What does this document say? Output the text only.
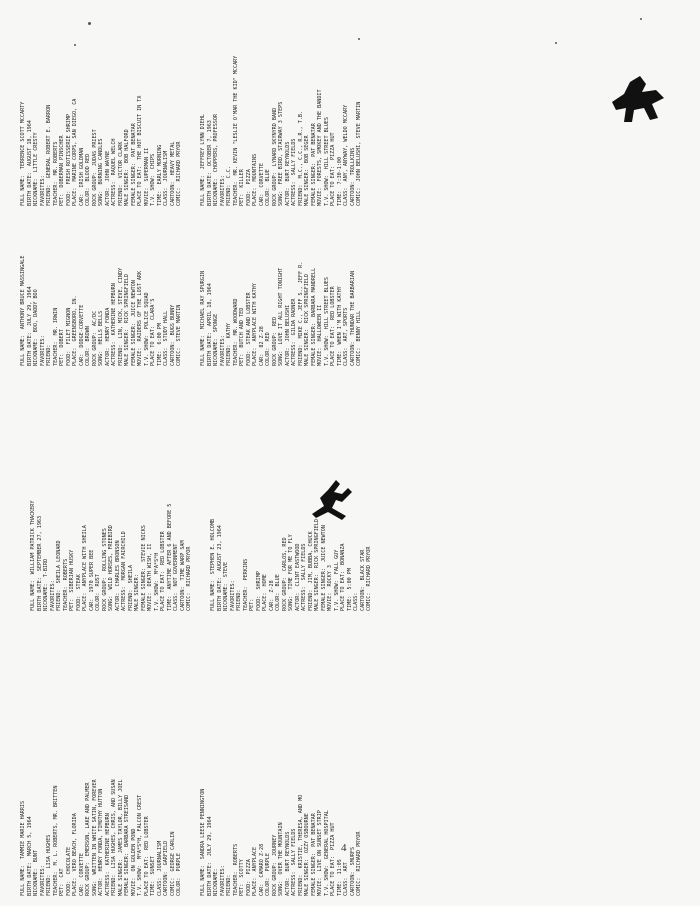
FULL NAME:  TAMMIE MARIE HARRIS BIRTH DATE:  MARCH 5, 1964 NICKNAME:  BUNT FAVORITES: FRIEND:  LISA HUGHES TEACHER:  M. L. ROBERTS, MR. BRITTEN PET:  CAT FOOD:  CHOCOLATE PLACE:  VERO BEACH, FLORIDA CAR:  CORVETTE ROCK GROUP:  EMERSON, LAKE AND PALMER SONG:  WRITTEN IN WHITE SATIN, FOREVER ACTOR:  HENRY FONDA, TIMOTHY HUTTON ACTRESS:  KATHERINE HEPBURN FRIEND:  LISA HUGHES, CHRIS, AND SUSAN MALE SINGER:  JAMES TAYLOR, BILLY JOEL FEMALE SINGER:  BARBARA STREISAND MOVIE:  ON GOLDEN POND T.V. SHOW:  M*A*S*H, FALCON CREST PLACE TO EAT:  RED LOBSTER TIME:  SUNSET CLASS:  JOURNALISM CARTOON:  GARFIELD COMIC:  GEORGE CARLIN COLOR:  PURPLE	FULL NAME:  SANDRA LEESE PENNINGTON BIRTH DATE:  JULY 29, 1964 NICKNAME: FAVORITES: FRIEND: TEACHER:  ROBERTS PET:  SCOTTY FOOD:  PIZZA PLACE:  ANYPLACE CAR:  CAMARO Z-28 COLOR:  PURPLE ROCK GROUP:  JOURNEY SONG:  OVER THE MOUNTAIN ACTOR:  BURT REYNOLDS ACTRESS:  SALLY FIELDS FRIEND:  KRISTIE, THERESA, AND MO MALE SINGER:  OZZY OSBOURNE FEMALE SINGER:  PAT BENATAR MOVIE:  LIVE ON SUNSET STRIP T.V. SHOW:  GENERAL HOSPITAL PLACE TO EAT:  PIZZA HUT TIME:  11:05 CLASS:  ART CARTOON:  SMURFS COMIC:  RICHARD PRYOR
FULL NAME:  WILLIAM PATRICK THACKERY BIRTH DATE:  SEPTEMBER 27, 1963 NICKNAME:  T-BIRD FAVORITES: FRIEND:  SHEILA LEONARD TEACHER:  ROBERTS PET:  SIBERIAN HUSKY FOOD:  STEAK PLACE:  ANYPLACE WITH SHEILA CAR:  1970 SUPER BEE COLOR:  RUST ROCK GROUP:  ROLLING STONES SONG:  WILD HORSES, FREEBIRD ACTOR:  CHARLES BRONSON ACTRESS:  MORGAN FAIRCHILD FRIEND:  SHEILA MALE SINGER: FEMALE SINGER:  STEVIE NICKS MOVIE:  DEATH WISH, II T.V. SHOW:  M*A*S*H PLACE TO EAT:  RED LOBSTER TIME:  ANYTIME AFTER 6 AND BEFORE 5 CLASS:  NOT GOVERNMENT CARTOON:  TIME WARP SAM COMIC:  RICHARD PRYOR	FULL NAME:  STEPHEN E. HOLCOMB BIRTH DATE:  AUGUST 23, 1964 NICKNAME:  STEVE FAVORITES: FRIEND: TEACHER:  PERKINS PET: FOOD:  SHRIMP PLACE:  HOME CAR:  Z-28 COLOR:  BLUE ROCK GROUP:  CARLOS, RED SONG:  TIME FOR ME TO FLY ACTOR:  CLINT EASTWOOD ACTRESS:  SALLY FIELDS FRIEND:  JIM, BUBBA, CHUCK MALE SINGER:  RICK SPRINGFIELD FEMALE SINGER:  JUICE NEWTON MOVIE:  ROCKY 3 T.V. SHOW:  FALL GUY PLACE TO EAT:  BONANZA TIME:  5:00 PM CLASS: CARTOON:  BLACK STAR COMIC:  RICHARD PRYOR
FULL NAME:  ANTHONY BRUCE MASSINGALE BIRTH DATE:  JULY 29, 1964 NICKNAME:  BOO, DADDY BOO FAVORITES: FRIEND: TEACHER:  MR. IRWIN PET:  DOBERT FOOD:  FILET MIGNON PLACE:  GREENSBORO, IN. CAR:  DODGE-CORVETTE COLOR:  BROWN ROCK GROUP:  AC/DC SONG:  HELLS BELLS ACTOR:  HENRY FONDA ACTRESS:  KATHERINE HEPBURN FRIEND:  LIN, MICK, STEVE, CINDY MALE SINGER:  RICK SPRINGFIELD FEMALE SINGER:  JUICE NEWTON MOVIE:  RAIDERS OF THE LOST ARK T.V. SHOW:  POLICE SQUAD PLACE TO EAT:  CLARA'S TIME:  6:00 PM CLASS:  STUDY HALL CARTOON:  BUGS BUNNY COMIC:  STEVE MARTIN	FULL NAME:  MICHAEL RAY SPURGIN BIRTH DATE:  APRIL 18, 1964 NICKNAME:  SPONGE FAVORITES: FRIEND:  KATHY TEACHER:  MR. WOODWARD PET:  BUTCH AND TED FOOD:  STEAK AND LOBSTER PLACE:  ANYPLACE WITH KATHY CAR:  82 Z-28 COLOR:  RED ROCK GROUP:  RED SONG:  LOVE IT ALL RIGHT TONIGHT ACTOR:  JOHN BELUSHI ACTRESS:  GILDA RADNER FRIEND:  MIKE C., JEFF S., JEFF R. MALE SINGER:  RICK SPRINGFIELD FEMALE SINGER:  BARBARA MANDRELL MOVIE:  HALLOWEEN II T.V. SHOW:  HILL STREET BLUES PLACE TO EAT:  RED LOBSTER TIME:  WHEN I'M WITH KATHY CLASS:  ART, SPORTS CARTOON:  THUNDAR THE BARBARIAN COMIC:  BENNY HILL
FULL NAME:  TERRENCE SCOTT MCCARTY BIRTH DATE:  AUGUST 18, 1964 NICKNAME:  LITTLE CRESTY FAVORITES: FRIEND:  GENERAL ROBERT E. BARRON TEACHER:  MR. ROBERTS PET:  DOBERMAN PINSCHER FOOD:  FRESH ROTISSERIE SHRIMP PLACE:  MARINE CORPS, SAN DIEGO, CA CAR:  IRISH GOLDMAN COLOR:  BLOOD RED ROCK GROUP:  JUDAS PRIEST SONG:  BURNING CANDLES ACTOR:  JOHN WAYNE ACTRESS:  RAQUEL WELCH FRIEND:  VICTOR CLARK MALE SINGER:  BOB HALFORD FEMALE SINGER:  PAT BENATAR PLACE TO EAT:  THE HOT BISCUIT IN TX MOVIE:  SUPERMAN II T.V. SHOW:  CHIPS TIME:  EARLY MORNING CLASS:  JOURNALISM CARTOON:  HEAVY METAL COMIC:  RICHARD PRYOR	FULL NAME:  JEFFREY LYNN DIEHL BIRTH DATE:  OCTOBER 7, 1963 NICKNAME:  CHOPPERS, PROFESSOR FAVORITES: FRIEND:  C.C. TEACHER:  MR. KEVIN "LESLIE O'MAR THE KID" MCCARY PET:  KILLER FOOD:  PIZZA PLACE:  MOUNTAINS CAR:  CORVETTE COLOR:  BLUE ROCK GROUP:  LYNARD SKYNYRD BAND SONG:  FREE BIRD, STAIRWAY 3 STEPS ACTOR:  BURT REYNOLDS ACTRESS:  SALLY FIELDS FRIEND:  M.C., C.C., R.R., T.B. MALE SINGER:  BOB SEGER FEMALE SINGER:  PAT BENATAR MOVIE:  FORESTS, SMOKEY AND THE BANDIT T.V. SHOW:  HILL STREET BLUES PLACE TO EAT:  PIZZA HUT TIME:  7:30-1:00 CLASS:  ANY, ANYWAY, WELDO MCCARY CARTOON:  TROLLKINS COMIC:  JOHN BELUSHI, STEVE MARTIN
4
